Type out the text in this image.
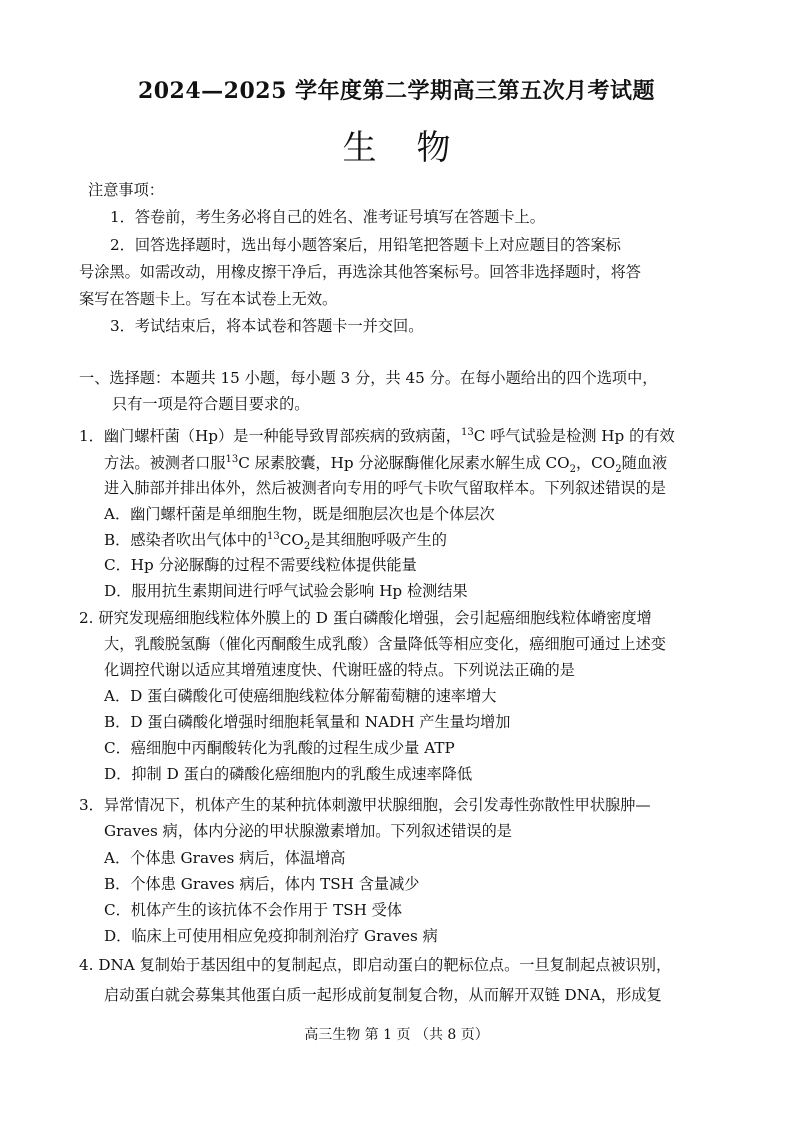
2024—2025 学年度第二学期高三第五次月考试题
生物
注意事项：
1．答卷前，考生务必将自己的姓名、准考证号填写在答题卡上。
2．回答选择题时，选出每小题答案后，用铅笔把答题卡上对应题目的答案标
号涂黑。如需改动，用橡皮擦干净后，再选涂其他答案标号。回答非选择题时，将答
案写在答题卡上。写在本试卷上无效。
3．考试结束后，将本试卷和答题卡一并交回。
一、选择题：本题共 15 小题，每小题 3 分，共 45 分。在每小题给出的四个选项中，
只有一项是符合题目要求的。
1．幽门螺杆菌（Hp）是一种能导致胃部疾病的致病菌，$^{13}$C 呼气试验是检测 Hp 的有效
方法。被测者口服$^{13}$C 尿素胶囊，Hp 分泌脲酶催化尿素水解生成 $CO_2$，$CO_2$随血液
进入肺部并排出体外，然后被测者向专用的呼气卡吹气留取样本。下列叙述错误的是
A．幽门螺杆菌是单细胞生物，既是细胞层次也是个体层次
B．感染者吹出气体中的$^{13}CO_2$是其细胞呼吸产生的
C．Hp 分泌脲酶的过程不需要线粒体提供能量
D．服用抗生素期间进行呼气试验会影响 Hp 检测结果
2. 研究发现癌细胞线粒体外膜上的 D 蛋白磷酸化增强，会引起癌细胞线粒体嵴密度增
大，乳酸脱氢酶（催化丙酮酸生成乳酸）含量降低等相应变化，癌细胞可通过上述变
化调控代谢以适应其增殖速度快、代谢旺盛的特点。下列说法正确的是
A．D 蛋白磷酸化可使癌细胞线粒体分解葡萄糖的速率增大
B．D 蛋白磷酸化增强时细胞耗氧量和 NADH 产生量均增加
C．癌细胞中丙酮酸转化为乳酸的过程生成少量 ATP
D．抑制 D 蛋白的磷酸化癌细胞内的乳酸生成速率降低
3．异常情况下，机体产生的某种抗体刺激甲状腺细胞，会引发毒性弥散性甲状腺肿—
Graves 病，体内分泌的甲状腺激素增加。下列叙述错误的是
A．个体患 Graves 病后，体温增高
B．个体患 Graves 病后，体内 TSH 含量减少
C．机体产生的该抗体不会作用于 TSH 受体
D．临床上可使用相应免疫抑制剂治疗 Graves 病
4. DNA 复制始于基因组中的复制起点，即启动蛋白的靶标位点。一旦复制起点被识别，
启动蛋白就会募集其他蛋白质一起形成前复制复合物，从而解开双链 DNA，形成复
高三生物 第 1 页 （共 8 页）
